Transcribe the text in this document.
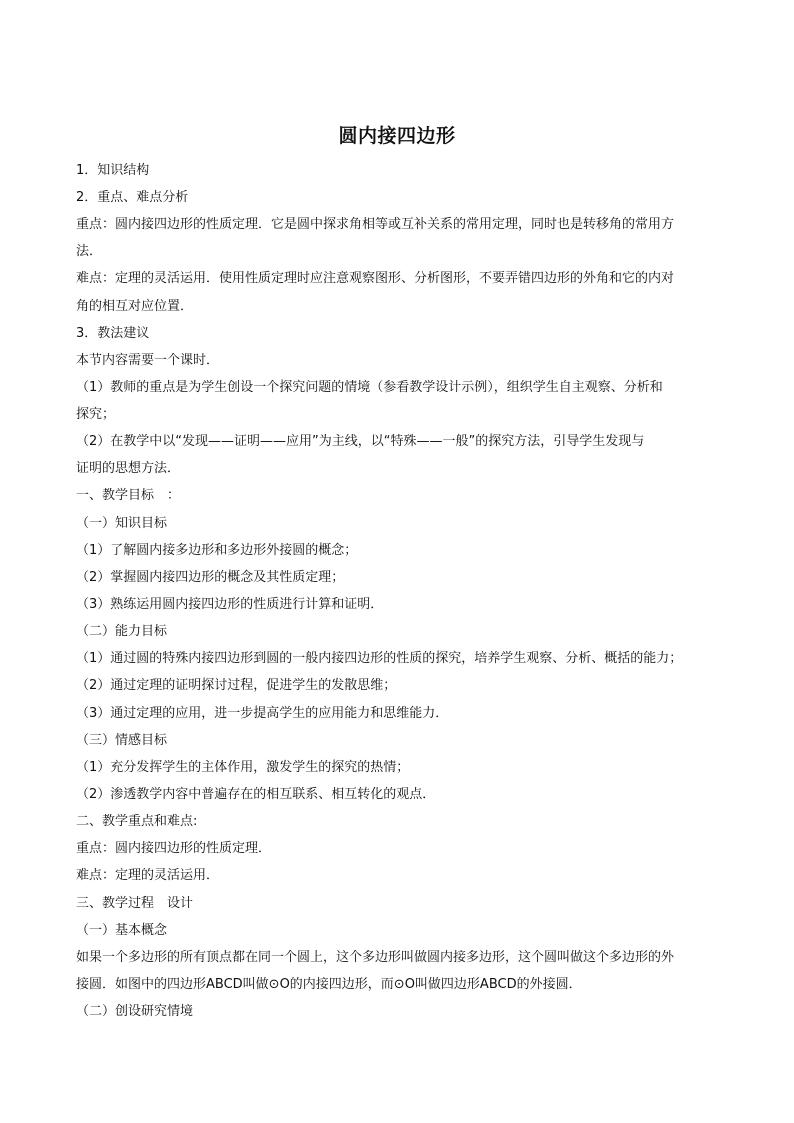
圆内接四边形
1．知识结构
2．重点、难点分析
重点：圆内接四边形的性质定理．它是圆中探求角相等或互补关系的常用定理，同时也是转移角的常用方
法．
难点：定理的灵活运用．使用性质定理时应注意观察图形、分析图形，不要弄错四边形的外角和它的内对
角的相互对应位置．
3．教法建议
本节内容需要一个课时．
（1）教师的重点是为学生创设一个探究问题的情境（参看教学设计示例），组织学生自主观察、分析和
探究；
（2）在教学中以“发现——证明——应用”为主线，以“特殊——一般”的探究方法，引导学生发现与
证明的思想方法．
一、教学目标　：
（一）知识目标
（1）了解圆内接多边形和多边形外接圆的概念；
（2）掌握圆内接四边形的概念及其性质定理；
（3）熟练运用圆内接四边形的性质进行计算和证明．
（二）能力目标
（1）通过圆的特殊内接四边形到圆的一般内接四边形的性质的探究，培养学生观察、分析、概括的能力；
（2）通过定理的证明探讨过程，促进学生的发散思维；
（3）通过定理的应用，进一步提高学生的应用能力和思维能力．
（三）情感目标
（1）充分发挥学生的主体作用，激发学生的探究的热情；
（2）渗透教学内容中普遍存在的相互联系、相互转化的观点．
二、教学重点和难点:
重点：圆内接四边形的性质定理．
难点：定理的灵活运用．
三、教学过程　设计
（一）基本概念
如果一个多边形的所有顶点都在同一个圆上，这个多边形叫做圆内接多边形，这个圆叫做这个多边形的外
接圆．如图中的四边形ABCD叫做⊙O的内接四边形，而⊙O叫做四边形ABCD的外接圆．
（二）创设研究情境
